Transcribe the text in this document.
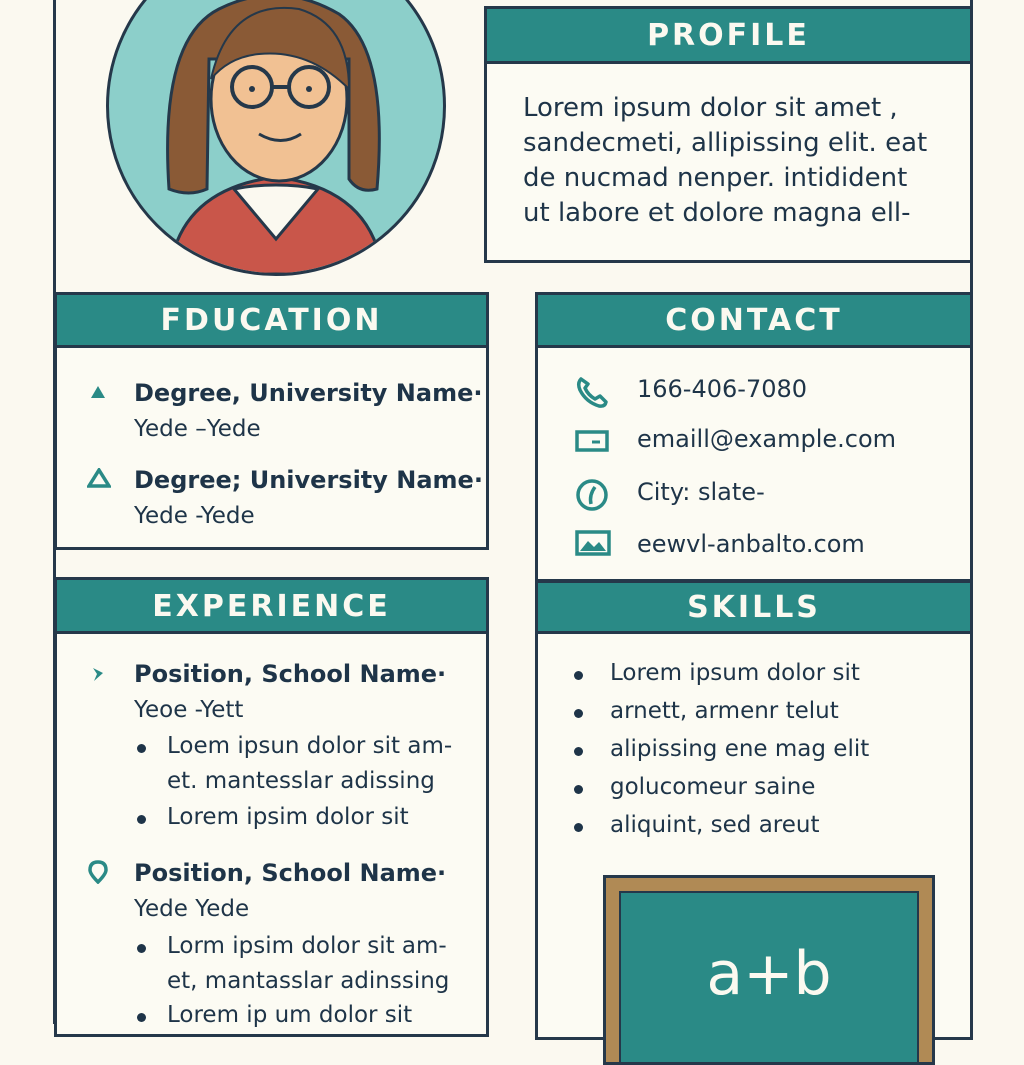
PROFILE
Lorem ipsum dolor sit amet ,
sandecmeti, allipissing elit. eat
de nucmad nenper. intidident
ut labore et dolore magna ell-
FDUCATION
Degree, University Name·
Yede –Yede
Degree; University Name·
Yede -Yede
CONTACT
166-406-7080
emaill@example.com
City: slate-
eewvl-anbalto.com
EXPERIENCE
Position, School Name·
Yeoe -Yett
Loem ipsun dolor sit am-
et. mantesslar adissing
Lorem ipsim dolor sit
Position, School Name·
Yede Yede
Lorm ipsim dolor sit am-
et, mantasslar adinssing
Lorem ip um dolor sit
SKILLS
Lorem ipsum dolor sit
arnett, armenr telut
alipissing ene mag elit
golucomeur saine
aliquint, sed areut
a+b
